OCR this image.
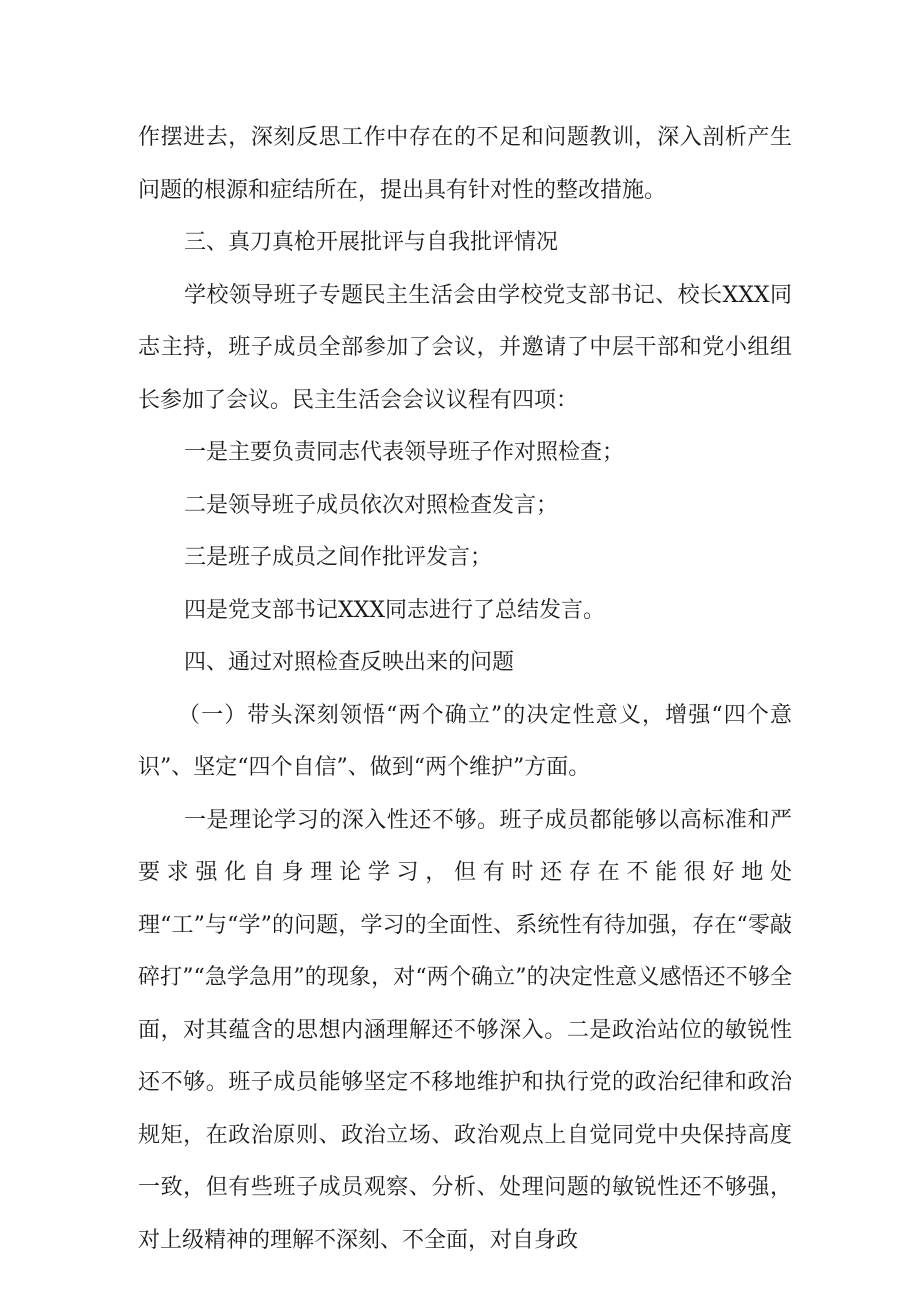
作摆进去，深刻反思工作中存在的不足和问题教训，深入剖析产生问题的根源和症结所在，提出具有针对性的整改措施。

三、真刀真枪开展批评与自我批评情况

学校领导班子专题民主生活会由学校党支部书记、校长XXX同志主持，班子成员全部参加了会议，并邀请了中层干部和党小组组长参加了会议。民主生活会会议议程有四项：

一是主要负责同志代表领导班子作对照检查；

二是领导班子成员依次对照检查发言；

三是班子成员之间作批评发言；

四是党支部书记XXX同志进行了总结发言。

四、通过对照检查反映出来的问题

（一）带头深刻领悟“两个确立”的决定性意义，增强“四个意识”、坚定“四个自信”、做到“两个维护”方面。

一是理论学习的深入性还不够。班子成员都能够以高标准和严要求强化自身理论学习，但有时还存在不能很好地处理“工”与“学”的问题，学习的全面性、系统性有待加强，存在“零敲碎打”“急学急用”的现象，对“两个确立”的决定性意义感悟还不够全面，对其蕴含的思想内涵理解还不够深入。二是政治站位的敏锐性还不够。班子成员能够坚定不移地维护和执行党的政治纪律和政治规矩，在政治原则、政治立场、政治观点上自觉同党中央保持高度一致，但有些班子成员观察、分析、处理问题的敏锐性还不够强，对上级精神的理解不深刻、不全面，对自身政
